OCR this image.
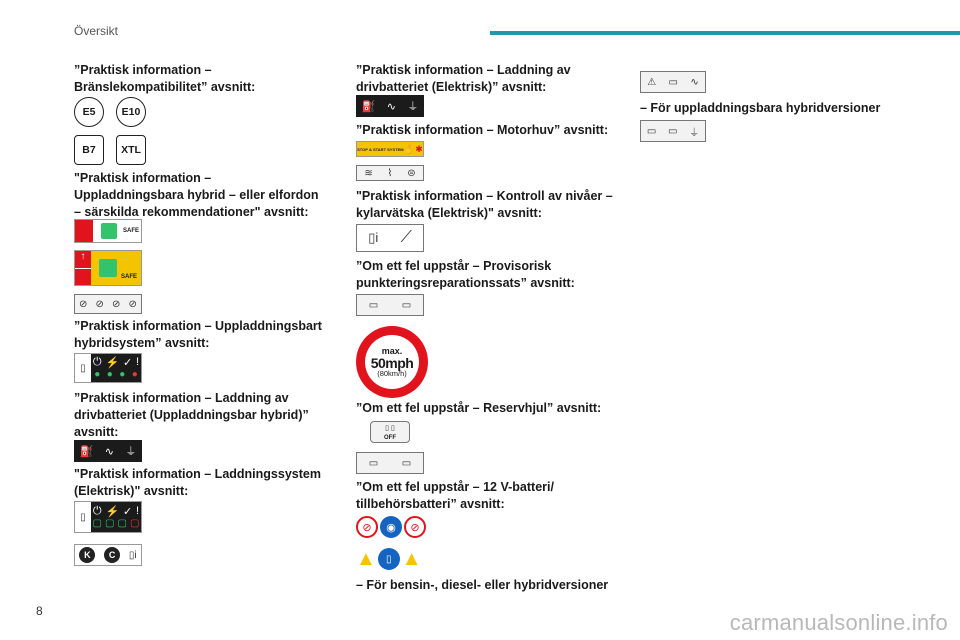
Översikt
”Praktisk information – Bränslekompatibilitet” avsnitt:
E5	E10
B7	XTL
"Praktisk information – Uppladdningsbara hybrid – eller elfordon – särskilda rekommendationer" avsnitt:
SAFE
↑
SAFE
⊘ ⊘ ⊘ ⊘
”Praktisk information – Uppladdningsbart hybridsystem” avsnitt:
▯ ⏻ ⚡ ✓ !
● ● ● ●
”Praktisk information – Laddning av drivbatteriet (Uppladdningsbar hybrid)” avsnitt:
⛽ ∿ ⏚
"Praktisk information – Laddningssystem (Elektrisk)" avsnitt:
▯ ⏻ ⚡ ✓ !
▢ ▢ ▢ ▢
K	C	▯i
”Praktisk information – Laddning av drivbatteriet (Elektrisk)” avsnitt:
⛽ ∿ ⏚
”Praktisk information – Motorhuv” avsnitt:
STOP & START SYSTEM ✋ ✱
≋ ⌇ ⊜
"Praktisk information – Kontroll av nivåer – kylarvätska (Elektrisk)" avsnitt:
▯i ⟋
”Om ett fel uppstår – Provisorisk punkteringsreparationssats” avsnitt:
▭ ▭
max.
50mph
(80km/h)
”Om ett fel uppstår – Reservhjul” avsnitt:
▯ ▯
OFF
▭ ▭
”Om ett fel uppstår – 12 V-batteri/ tillbehörsbatteri” avsnitt:
⊘	◉	⊘
▲	▯ ▲
– För bensin-, diesel- eller hybridversioner
⚠ ▭ ∿
– För uppladdningsbara hybridversioner
▭ ▭ ⏚
8	carmanualsonline.info
